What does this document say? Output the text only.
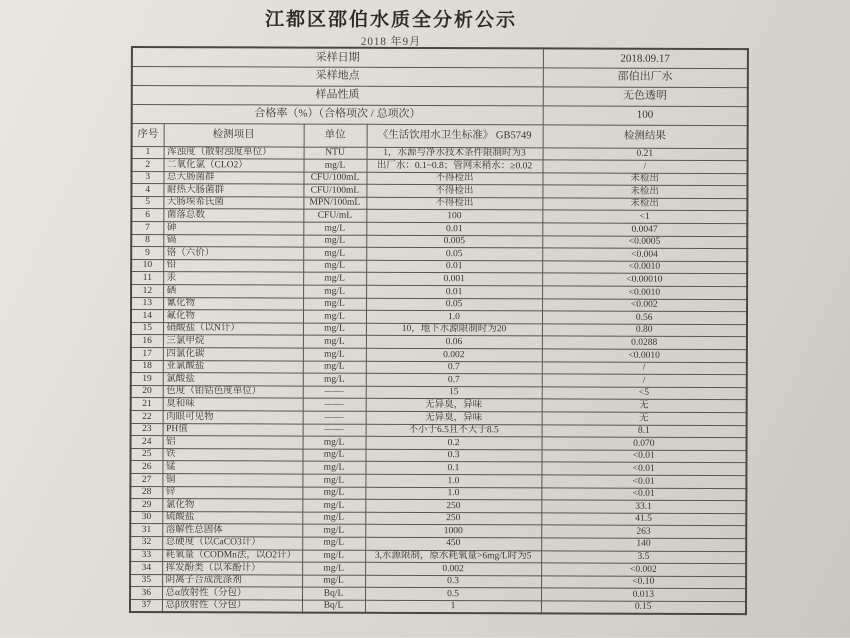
江都区邵伯水质全分析公示
2018 年9月
采样日期				2018.09.17
采样地点				邵伯出厂水
样品性质				无色透明
合格率（%）（合格项次 / 总项次）				100
序号	检测项目	单位	《生活饮用水卫生标准》 GB5749	检测结果
1	浑浊度（散射浊度单位）	NTU	1，水源与净水技术条件限制时为3	0.21
2	二氧化氯（CLO2）	mg/L	出厂水：0.1~0.8；管网末稍水：≥0.02	/
3	总大肠菌群	CFU/100mL	不得检出	未检出
4	耐热大肠菌群	CFU/100mL	不得检出	未检出
5	大肠埃希氏菌	MPN/100mL	不得检出	未检出
6	菌落总数	CFU/mL	100	<1
7	砷	mg/L	0.01	0.0047
8	镉	mg/L	0.005	<0.0005
9	铬（六价）	mg/L	0.05	<0.004
10	铅	mg/L	0.01	<0.0010
11	汞	mg/L	0.001	<0.00010
12	硒	mg/L	0.01	<0.0010
13	氰化物	mg/L	0.05	<0.002
14	氟化物	mg/L	1.0	0.56
15	硝酸盐（以N计）	mg/L	10，地下水源限制时为20	0.80
16	三氯甲烷	mg/L	0.06	0.0288
17	四氯化碳	mg/L	0.002	<0.0010
18	亚氯酸盐	mg/L	0.7	/
19	氯酸盐	mg/L	0.7	/
20	色度（铂钴色度单位）	——	15	<5
21	臭和味	——	无异臭，异味	无
22	肉眼可见物	——	无异臭，异味	无
23	PH值	——	不小于6.5且不大于8.5	8.1
24	铝	mg/L	0.2	0.070
25	铁	mg/L	0.3	<0.01
26	锰	mg/L	0.1	<0.01
27	铜	mg/L	1.0	<0.01
28	锌	mg/L	1.0	<0.01
29	氯化物	mg/L	250	33.1
30	硫酸盐	mg/L	250	41.5
31	溶解性总固体	mg/L	1000	263
32	总硬度（以CaCO3计）	mg/L	450	140
33	耗氧量（CODMn法，以O2计）	mg/L	3,水源限制，原水耗氧量>6mg/L时为5	3.5
34	挥发酚类（以苯酚计）	mg/L	0.002	<0.002
35	阴离子合成洗涤剂	mg/L	0.3	<0.10
36	总α放射性（分包）	Bq/L	0.5	0.013
37	总β放射性（分包）	Bq/L	1	0.15
